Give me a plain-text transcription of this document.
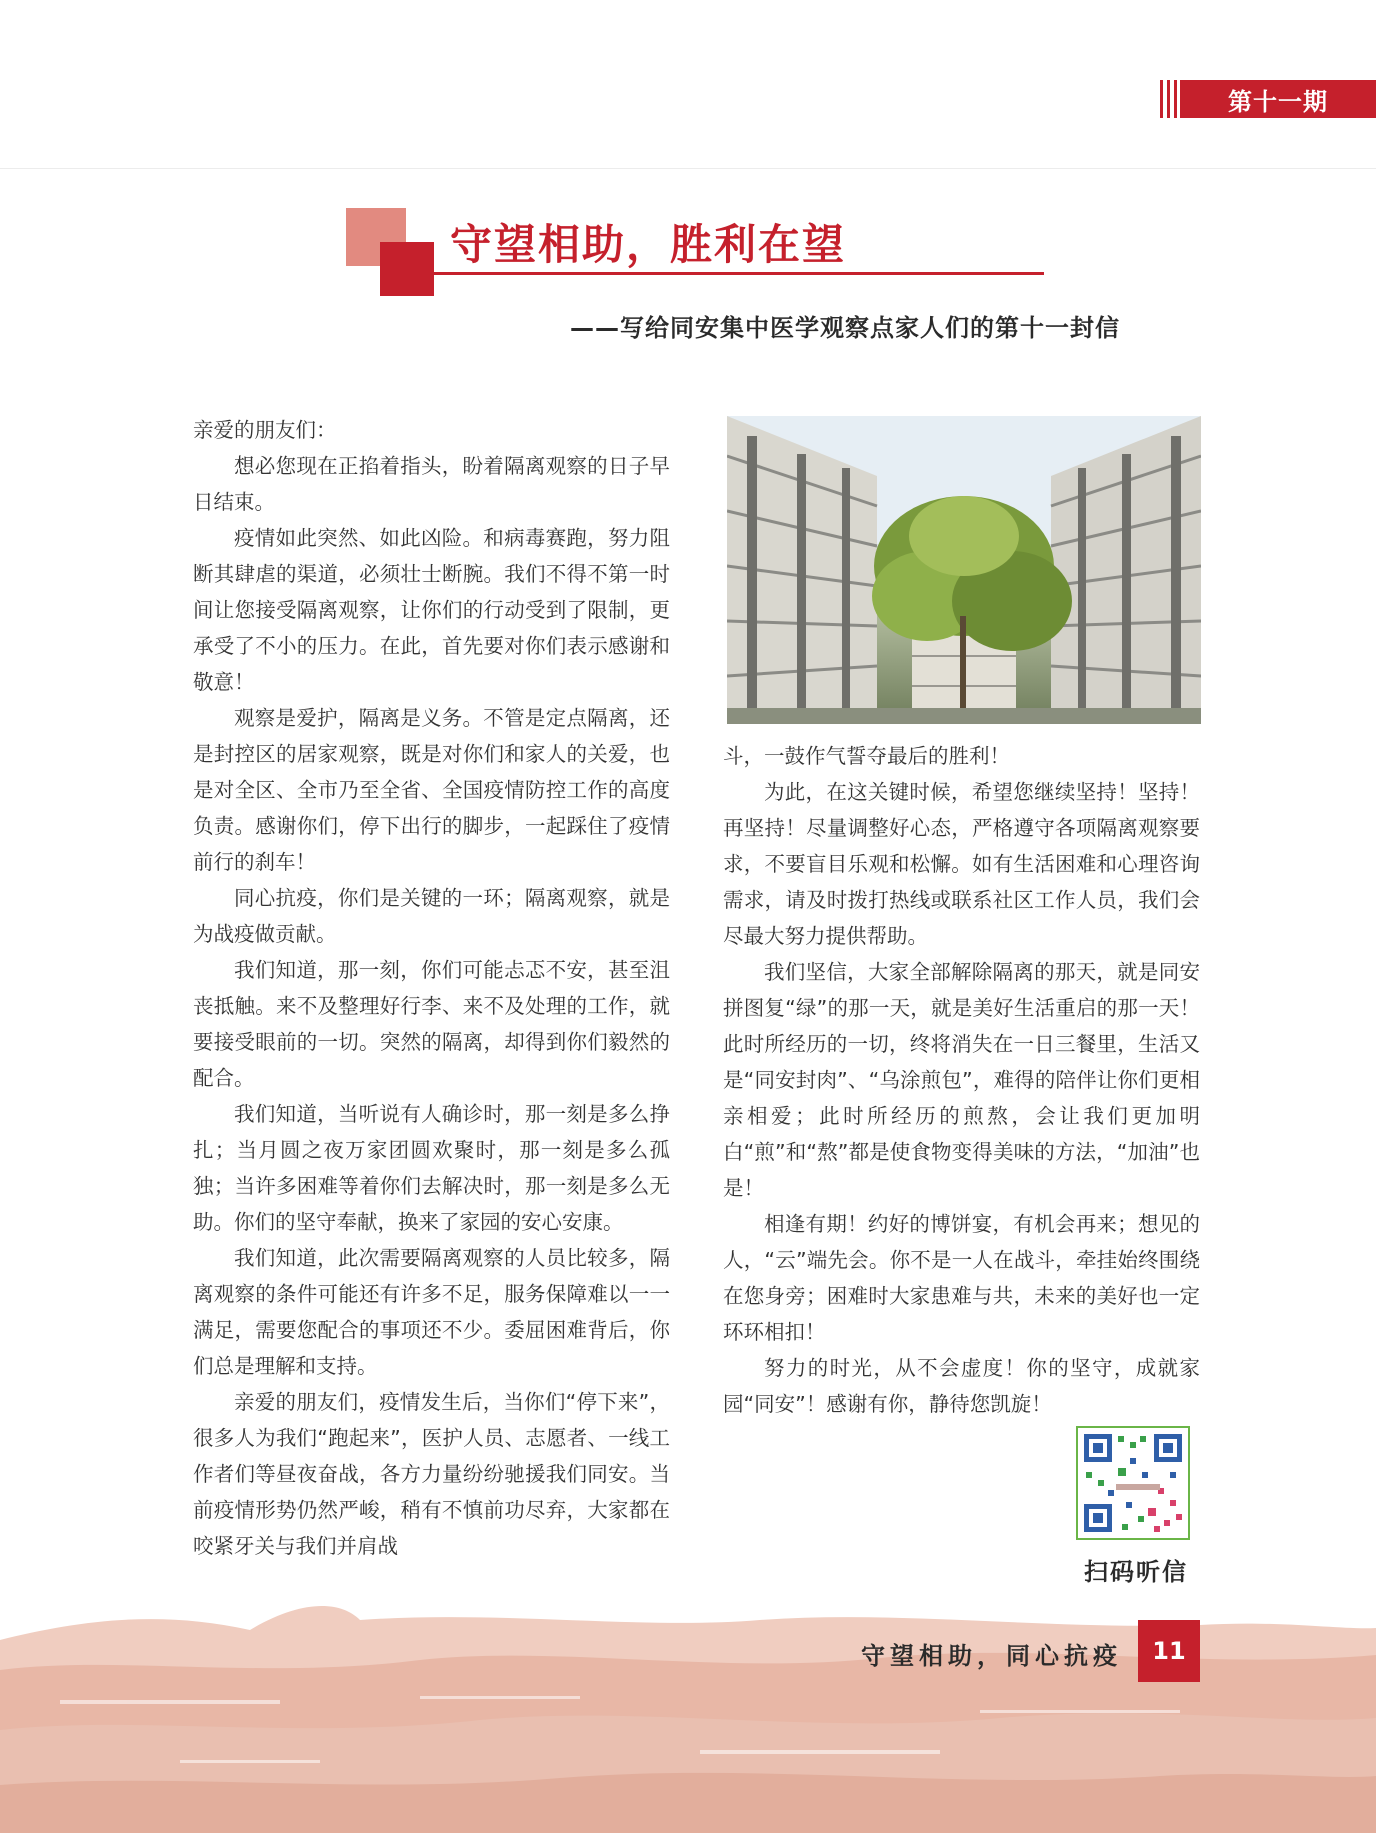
第十一期
守望相助，胜利在望
——写给同安集中医学观察点家人们的第十一封信

亲爱的朋友们：

想必您现在正掐着指头，盼着隔离观察的日子早日结束。

疫情如此突然、如此凶险。和病毒赛跑，努力阻断其肆虐的渠道，必须壮士断腕。我们不得不第一时间让您接受隔离观察，让你们的行动受到了限制，更承受了不小的压力。在此，首先要对你们表示感谢和敬意！

观察是爱护，隔离是义务。不管是定点隔离，还是封控区的居家观察，既是对你们和家人的关爱，也是对全区、全市乃至全省、全国疫情防控工作的高度负责。感谢你们，停下出行的脚步，一起踩住了疫情前行的刹车！

同心抗疫，你们是关键的一环；隔离观察，就是为战疫做贡献。

我们知道，那一刻，你们可能忐忑不安，甚至沮丧抵触。来不及整理好行李、来不及处理的工作，就要接受眼前的一切。突然的隔离，却得到你们毅然的配合。

我们知道，当听说有人确诊时，那一刻是多么挣扎；当月圆之夜万家团圆欢聚时，那一刻是多么孤独；当许多困难等着你们去解决时，那一刻是多么无助。你们的坚守奉献，换来了家园的安心安康。

我们知道，此次需要隔离观察的人员比较多，隔离观察的条件可能还有许多不足，服务保障难以一一满足，需要您配合的事项还不少。委屈困难背后，你们总是理解和支持。

亲爱的朋友们，疫情发生后，当你们“停下来”，很多人为我们“跑起来”，医护人员、志愿者、一线工作者们等昼夜奋战，各方力量纷纷驰援我们同安。当前疫情形势仍然严峻，稍有不慎前功尽弃，大家都在咬紧牙关与我们并肩战

斗，一鼓作气誓夺最后的胜利！

为此，在这关键时候，希望您继续坚持！坚持！再坚持！尽量调整好心态，严格遵守各项隔离观察要求，不要盲目乐观和松懈。如有生活困难和心理咨询需求，请及时拨打热线或联系社区工作人员，我们会尽最大努力提供帮助。

我们坚信，大家全部解除隔离的那天，就是同安拼图复“绿”的那一天，就是美好生活重启的那一天！此时所经历的一切，终将消失在一日三餐里，生活又是“同安封肉”、“乌涂煎包”，难得的陪伴让你们更相亲相爱；此时所经历的煎熬，会让我们更加明白“煎”和“熬”都是使食物变得美味的方法，“加油”也是！

相逢有期！约好的博饼宴，有机会再来；想见的人，“云”端先会。你不是一人在战斗，牵挂始终围绕在您身旁；困难时大家患难与共，未来的美好也一定环环相扣！

努力的时光，从不会虚度！你的坚守，成就家园“同安”！感谢有你，静待您凯旋！

扫码听信

守望相助，同心抗疫	11
